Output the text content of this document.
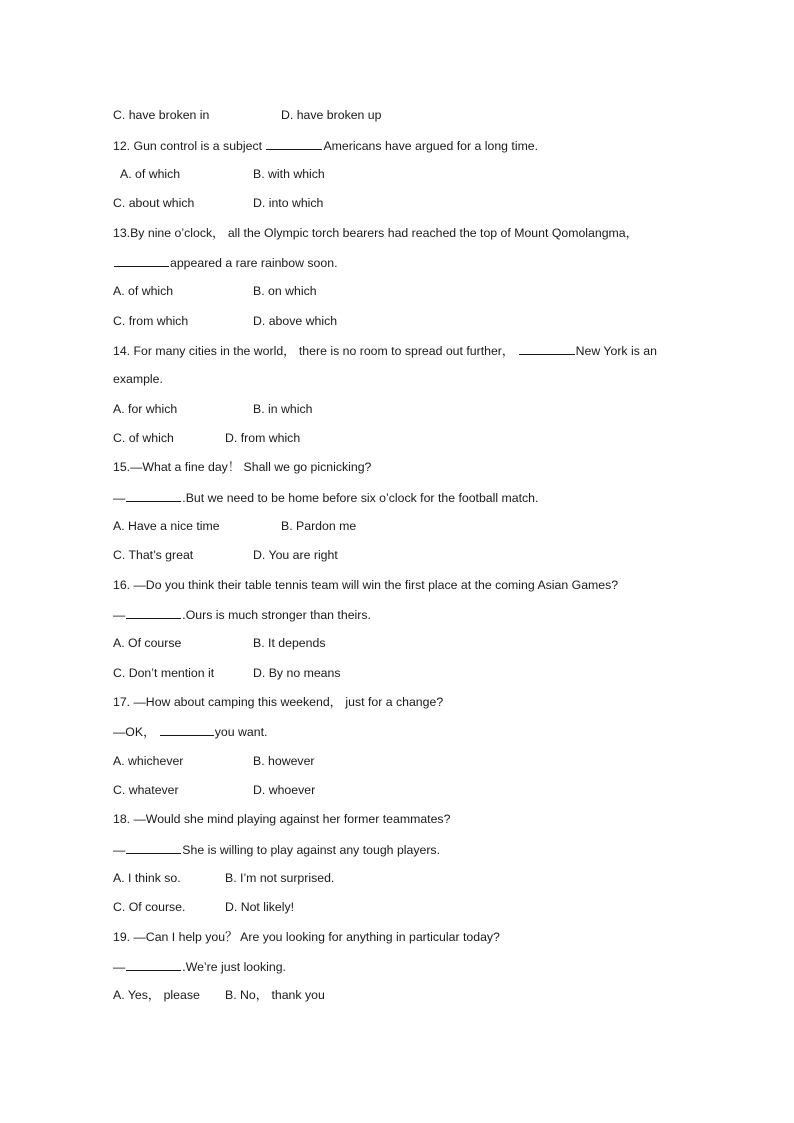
C. have broken in	D. have broken up
12. Gun control is a subject	Americans have argued for a long time.
A. of which	B. with which
C. about which	D. into which
13.By nine o’clock， all the Olympic torch bearers had reached the top of Mount Qomolangma，
appeared a rare rainbow soon.
A. of which	B. on which
C. from which	D. above which
14. For many cities in the world， there is no room to spread out further，	New York is an
example.
A. for which	B. in which
C. of which	D. from which
15.—What a fine day！ Shall we go picnicking?
—	.But we need to be home before six o’clock for the football match.
A. Have a nice time	B. Pardon me
C. That’s great	D. You are right
16. —Do you think their table tennis team will win the first place at the coming Asian Games?
—	.Ours is much stronger than theirs.
A. Of course	B. It depends
C. Don’t mention it	D. By no means
17. —How about camping this weekend， just for a change?
—OK，	you want.
A. whichever	B. however
C. whatever	D. whoever
18. —Would she mind playing against her former teammates?
—	She is willing to play against any tough players.
A. I think so.	B. I’m not surprised.
C. Of course.	D. Not likely!
19. —Can I help you？ Are you looking for anything in particular today?
—	.We’re just looking.
A. Yes， please B. No， thank you
